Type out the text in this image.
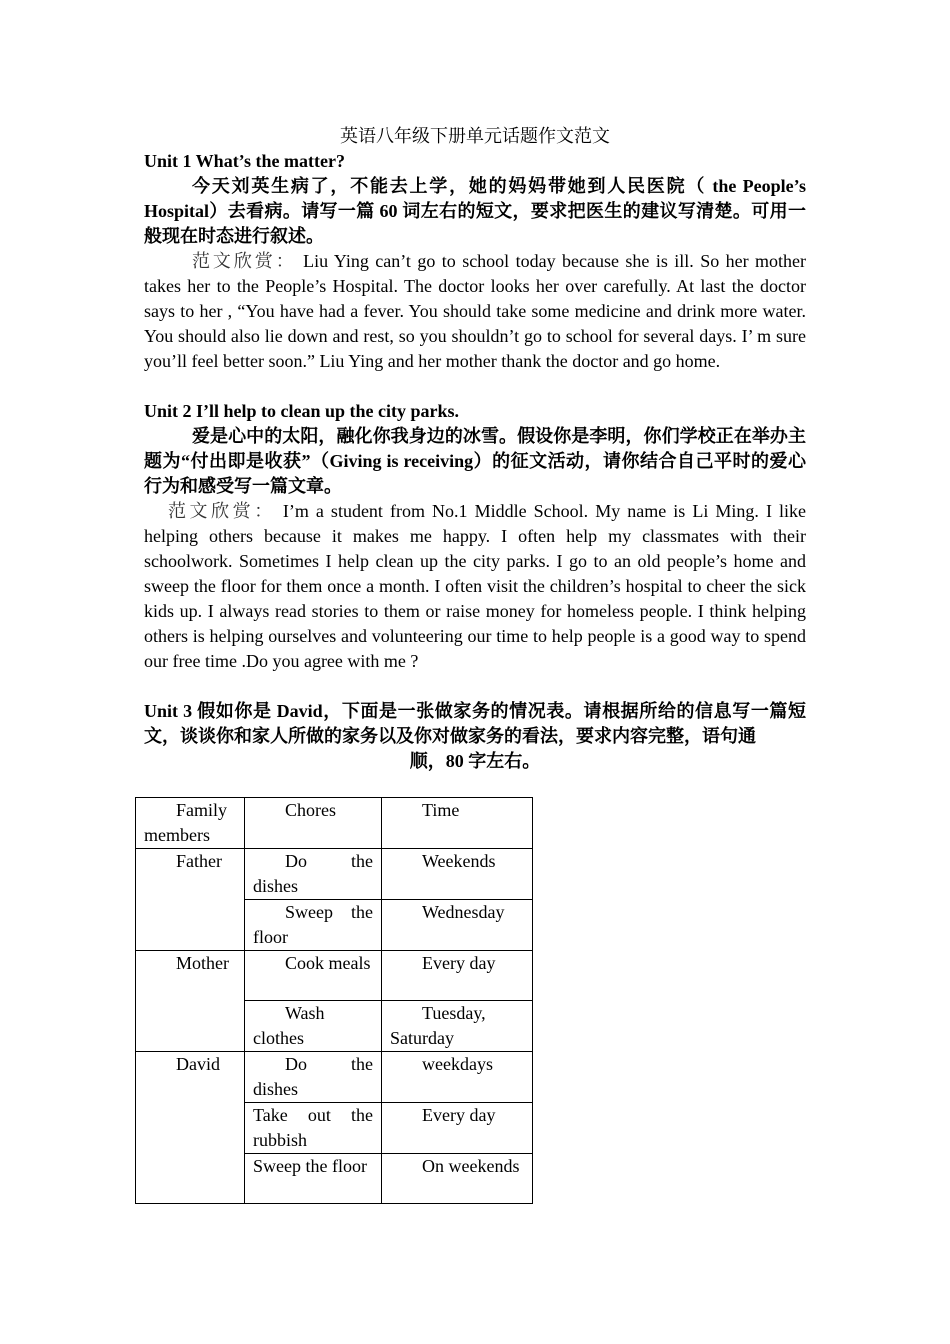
英语八年级下册单元话题作文范文

Unit 1 What’s the matter?

今天刘英生病了，不能去上学，她的妈妈带她到人民医院（ the People’s Hospital）去看病。请写一篇 60 词左右的短文，要求把医生的建议写清楚。可用一般现在时态进行叙述。

范文欣赏： Liu Ying can’t go to school today because she is ill. So her mother takes her to the People’s Hospital. The doctor looks her over carefully. At last the doctor says to her , “You have had a fever. You should take some medicine and drink more water. You should also lie down and rest, so you shouldn’t go to school for several days. I’ m sure you’ll feel better soon.” Liu Ying and her mother thank the doctor and go home.

Unit 2 I’ll help to clean up the city parks.

爱是心中的太阳，融化你我身边的冰雪。假设你是李明，你们学校正在举办主题为“付出即是收获”（Giving is receiving）的征文活动，请你结合自己平时的爱心行为和感受写一篇文章。

范文欣赏： I’m a student from No.1 Middle School. My name is Li Ming. I like helping others because it makes me happy. I often help my classmates with their schoolwork. Sometimes I help clean up the city parks. I go to an old people’s home and sweep the floor for them once a month. I often visit the children’s hospital to cheer the sick kids up. I always read stories to them or raise money for homeless people. I think helping others is helping ourselves and volunteering our time to help people is a good way to spend our free time .Do you agree with me ?

Unit 3 假如你是 David，下面是一张做家务的情况表。请根据所给的信息写一篇短文，谈谈你和家人所做的家务以及你对做家务的看法，要求内容完整，语句通

顺，80 字左右。

Family members	Chores	Time
Father	Do the dishes	Weekends
	Sweep the floor	Wednesday
Mother	Cook meals	Every day
	Wash clothes	Tuesday, Saturday
David	Do the dishes	weekdays
	Take out the rubbish	Every day
	Sweep the floor	On weekends
